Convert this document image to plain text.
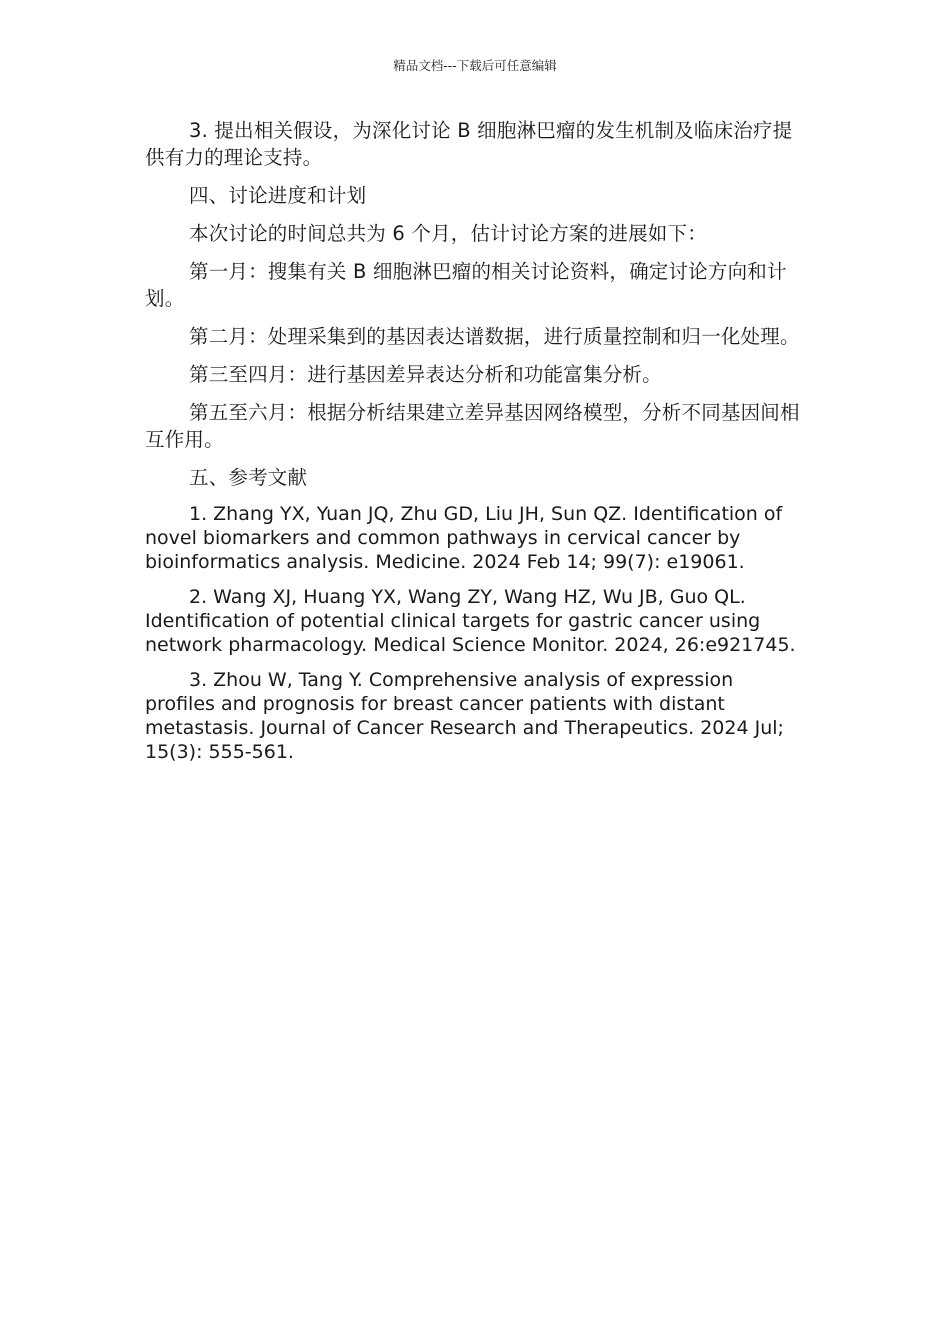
精品文档---下载后可任意编辑

3. 提出相关假设，为深化讨论 B 细胞淋巴瘤的发生机制及临床治疗提供有力的理论支持。

四、讨论进度和计划

本次讨论的时间总共为 6 个月，估计讨论方案的进展如下：

第一月：搜集有关 B 细胞淋巴瘤的相关讨论资料，确定讨论方向和计划。

第二月：处理采集到的基因表达谱数据，进行质量控制和归一化处理。

第三至四月：进行基因差异表达分析和功能富集分析。

第五至六月：根据分析结果建立差异基因网络模型，分析不同基因间相互作用。

五、参考文献

1. Zhang YX, Yuan JQ, Zhu GD, Liu JH, Sun QZ. Identification of novel biomarkers and common pathways in cervical cancer by bioinformatics analysis. Medicine. 2024 Feb 14; 99(7): e19061.

2. Wang XJ, Huang YX, Wang ZY, Wang HZ, Wu JB, Guo QL. Identification of potential clinical targets for gastric cancer using network pharmacology. Medical Science Monitor. 2024, 26:e921745.

3. Zhou W, Tang Y. Comprehensive analysis of expression profiles and prognosis for breast cancer patients with distant metastasis. Journal of Cancer Research and Therapeutics. 2024 Jul; 15(3): 555-561.
